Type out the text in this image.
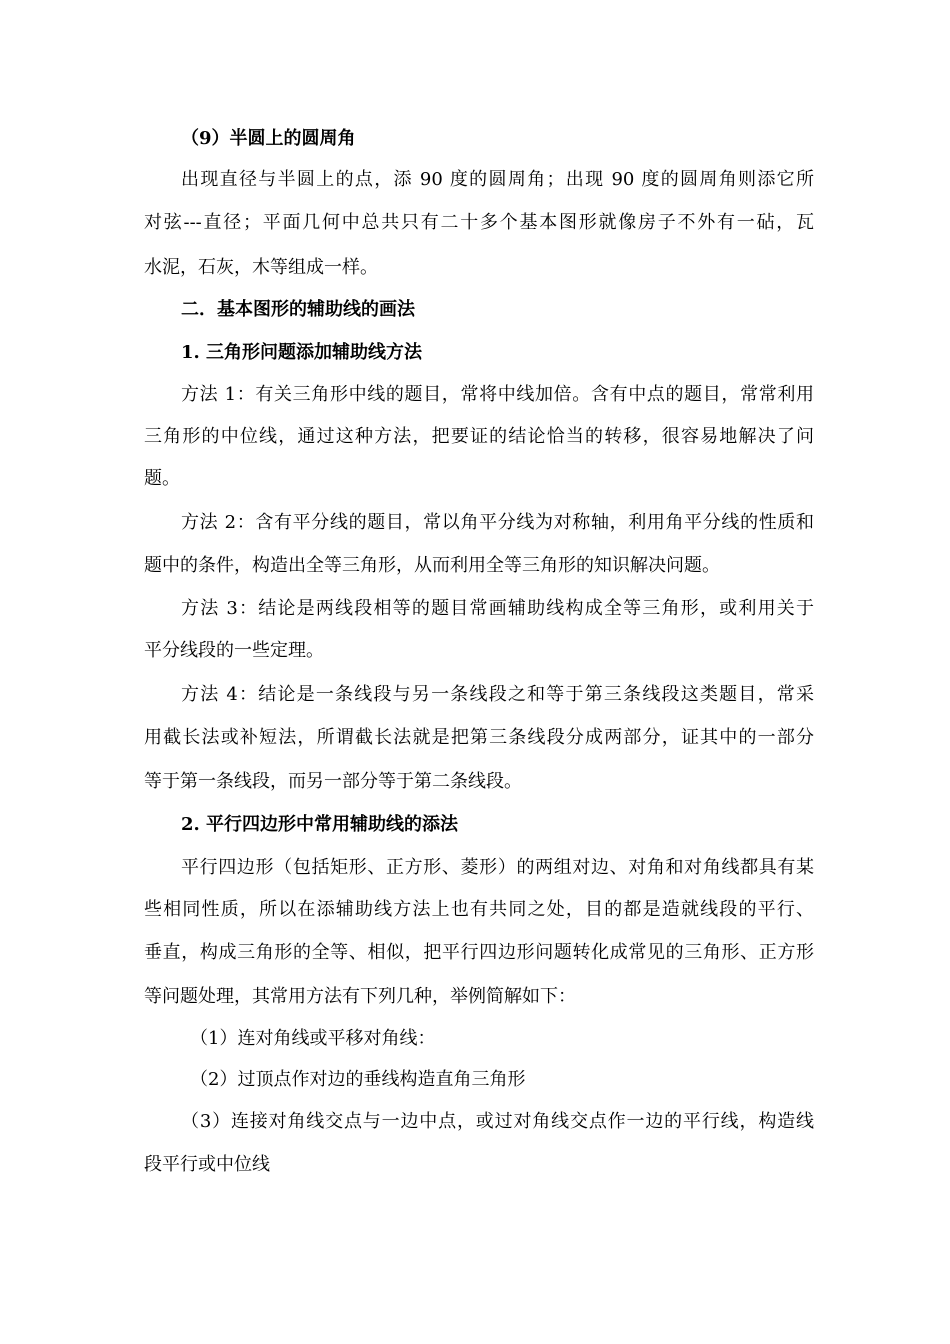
（9）半圆上的圆周角
出现直径与半圆上的点，添 90 度的圆周角；出现 90 度的圆周角则添它所
对弦---直径；平面几何中总共只有二十多个基本图形就像房子不外有一砧，瓦
水泥，石灰，木等组成一样。
二．基本图形的辅助线的画法
1. 三角形问题添加辅助线方法
方法 1：有关三角形中线的题目，常将中线加倍。含有中点的题目，常常利用
三角形的中位线，通过这种方法，把要证的结论恰当的转移，很容易地解决了问
题。
方法 2：含有平分线的题目，常以角平分线为对称轴，利用角平分线的性质和
题中的条件，构造出全等三角形，从而利用全等三角形的知识解决问题。
方法 3：结论是两线段相等的题目常画辅助线构成全等三角形，或利用关于
平分线段的一些定理。
方法 4：结论是一条线段与另一条线段之和等于第三条线段这类题目，常采
用截长法或补短法，所谓截长法就是把第三条线段分成两部分，证其中的一部分
等于第一条线段，而另一部分等于第二条线段。
2. 平行四边形中常用辅助线的添法
平行四边形（包括矩形、正方形、菱形）的两组对边、对角和对角线都具有某
些相同性质，所以在添辅助线方法上也有共同之处，目的都是造就线段的平行、
垂直，构成三角形的全等、相似，把平行四边形问题转化成常见的三角形、正方形
等问题处理，其常用方法有下列几种，举例简解如下：
（1）连对角线或平移对角线：
（2）过顶点作对边的垂线构造直角三角形
（3）连接对角线交点与一边中点，或过对角线交点作一边的平行线，构造线
段平行或中位线
